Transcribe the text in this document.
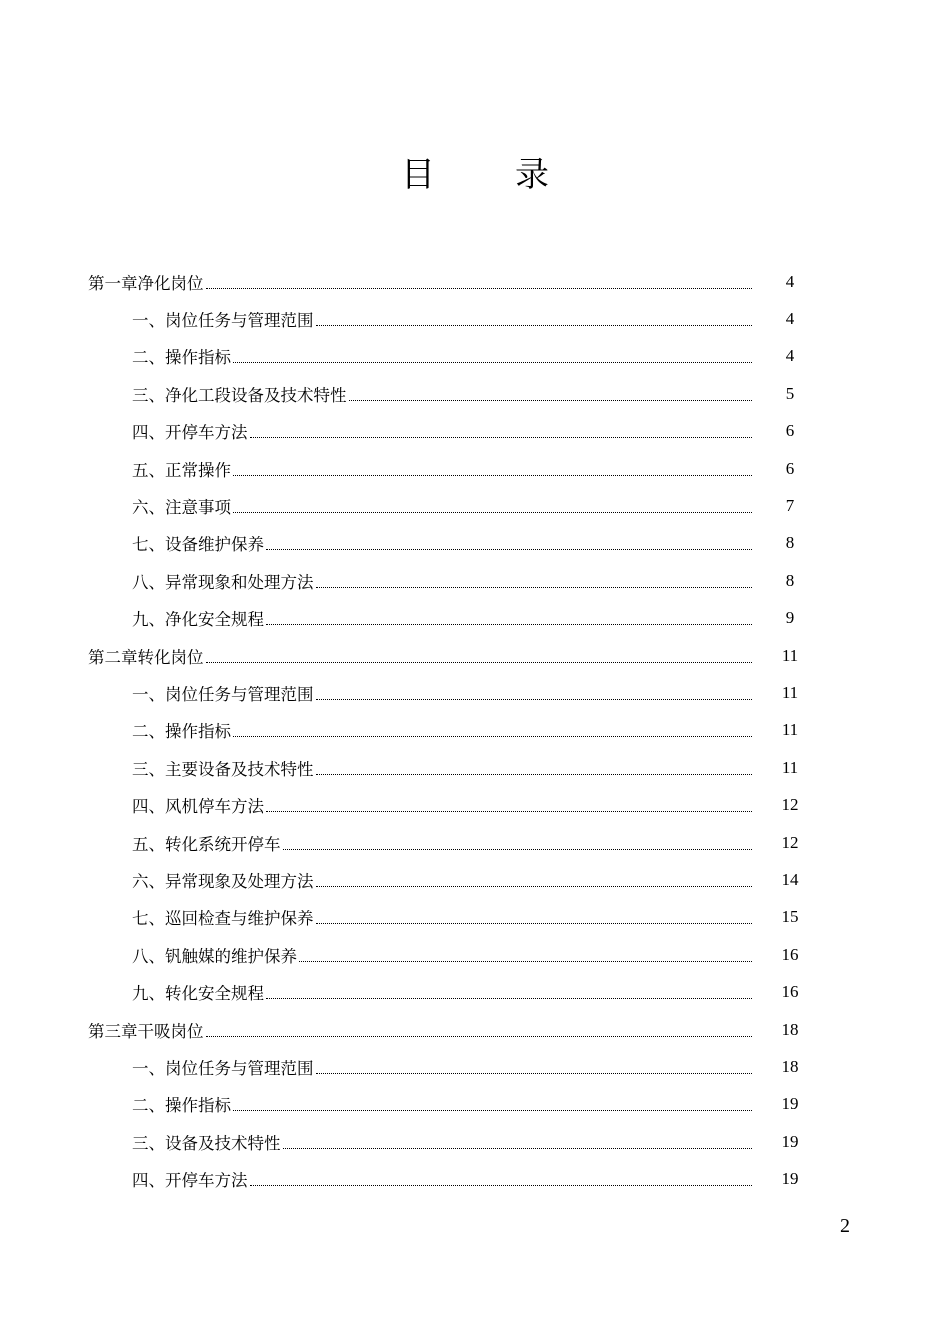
目 录
第一章净化岗位	4
一、岗位任务与管理范围	4
二、操作指标	4
三、净化工段设备及技术特性	5
四、开停车方法	6
五、正常操作	6
六、注意事项	7
七、设备维护保养	8
八、异常现象和处理方法	8
九、净化安全规程	9
第二章转化岗位	11
一、岗位任务与管理范围	11
二、操作指标	11
三、主要设备及技术特性	11
四、风机停车方法	12
五、转化系统开停车	12
六、异常现象及处理方法	14
七、巡回检查与维护保养	15
八、钒触媒的维护保养	16
九、转化安全规程	16
第三章干吸岗位	18
一、岗位任务与管理范围	18
二、操作指标	19
三、设备及技术特性	19
四、开停车方法	19
2
